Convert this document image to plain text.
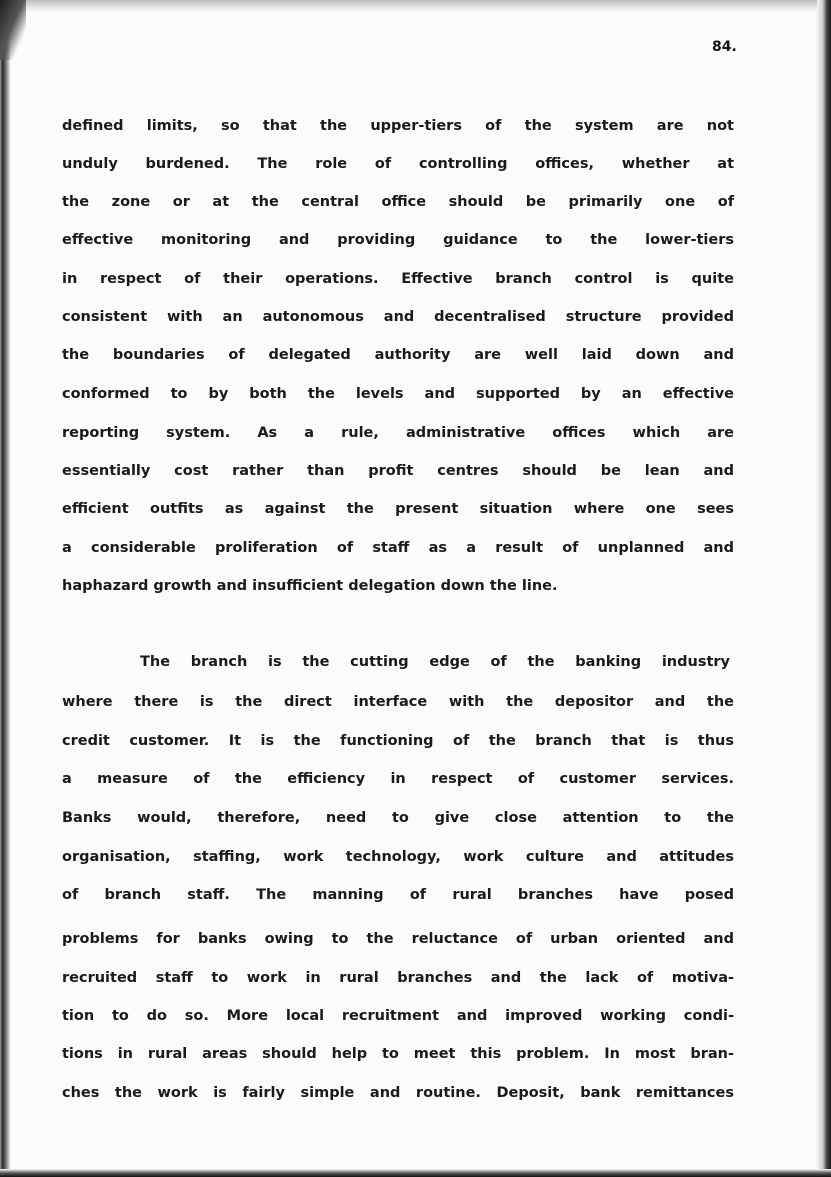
84.
defined limits, so that the upper-tiers of the system are not
unduly burdened. The role of controlling offices, whether at
the zone or at the central office should be primarily one of
effective monitoring and providing guidance to the lower-tiers
in respect of their operations. Effective branch control is quite
consistent with an autonomous and decentralised structure provided
the boundaries of delegated authority are well laid down and
conformed to by both the levels and supported by an effective
reporting system. As a rule, administrative offices which are
essentially cost rather than profit centres should be lean and
efficient outfits as against the present situation where one sees
a considerable proliferation of staff as a result of unplanned and
haphazard growth and insufficient delegation down the line.
The branch is the cutting edge of the banking industry
where there is the direct interface with the depositor and the
credit customer. It is the functioning of the branch that is thus
a measure of the efficiency in respect of customer services.
Banks would, therefore, need to give close attention to the
organisation, staffing, work technology, work culture and attitudes
of branch staff. The manning of rural branches have posed
problems for banks owing to the reluctance of urban oriented and
recruited staff to work in rural branches and the lack of motiva-
tion to do so. More local recruitment and improved working condi-
tions in rural areas should help to meet this problem. In most bran-
ches the work is fairly simple and routine. Deposit, bank remittances
